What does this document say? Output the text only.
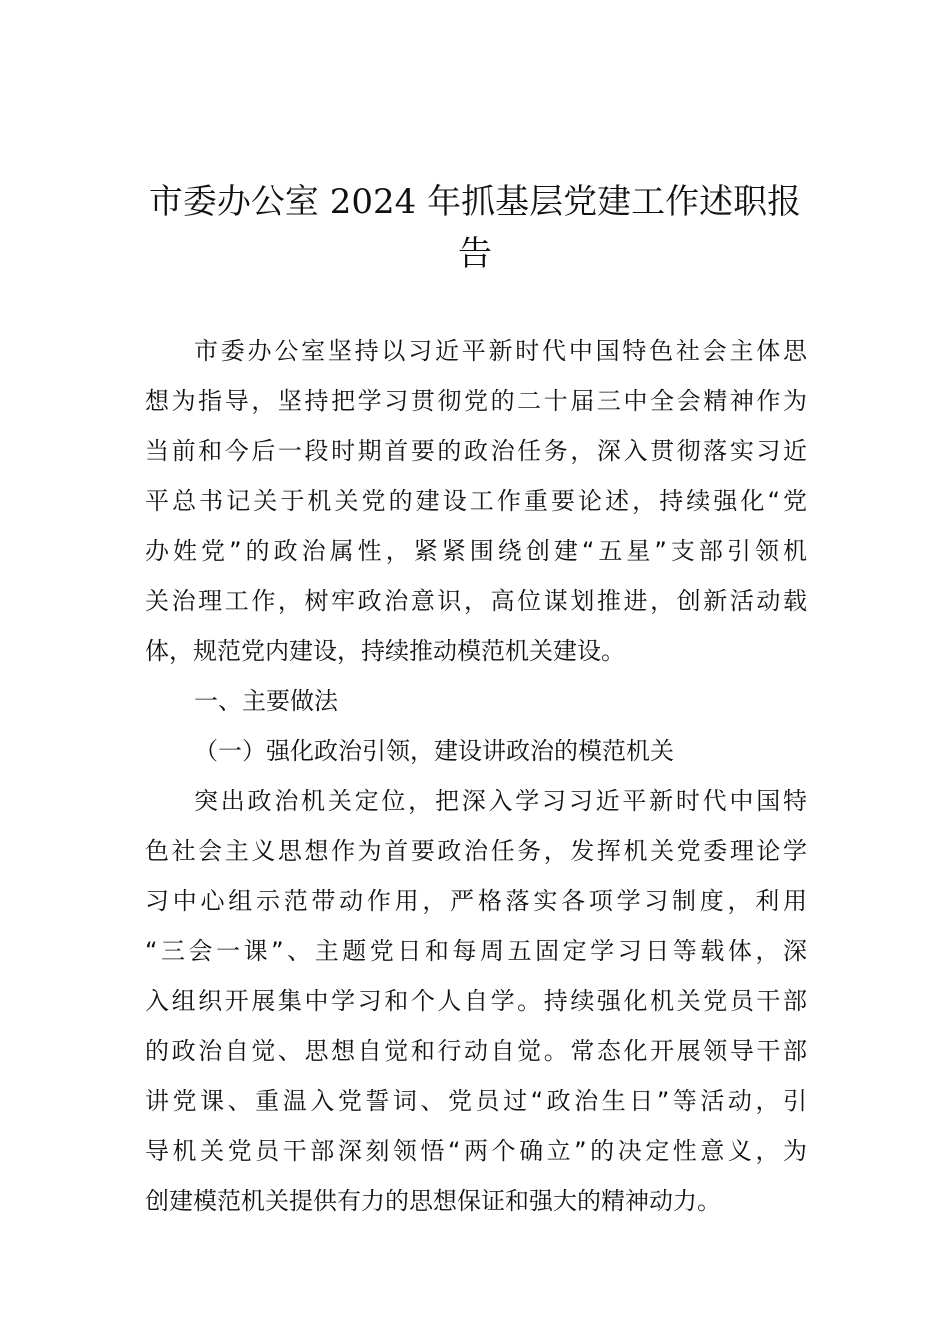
市委办公室 2024 年抓基层党建工作述职报
告
市委办公室坚持以习近平新时代中国特色社会主体思
想为指导，坚持把学习贯彻党的二十届三中全会精神作为
当前和今后一段时期首要的政治任务，深入贯彻落实习近
平总书记关于机关党的建设工作重要论述，持续强化“党
办姓党”的政治属性，紧紧围绕创建“五星”支部引领机
关治理工作，树牢政治意识，高位谋划推进，创新活动载
体，规范党内建设，持续推动模范机关建设。
一、主要做法
（一）强化政治引领，建设讲政治的模范机关
突出政治机关定位，把深入学习习近平新时代中国特
色社会主义思想作为首要政治任务，发挥机关党委理论学
习中心组示范带动作用，严格落实各项学习制度，利用
“三会一课”、主题党日和每周五固定学习日等载体，深
入组织开展集中学习和个人自学。持续强化机关党员干部
的政治自觉、思想自觉和行动自觉。常态化开展领导干部
讲党课、重温入党誓词、党员过“政治生日”等活动，引
导机关党员干部深刻领悟“两个确立”的决定性意义，为
创建模范机关提供有力的思想保证和强大的精神动力。
